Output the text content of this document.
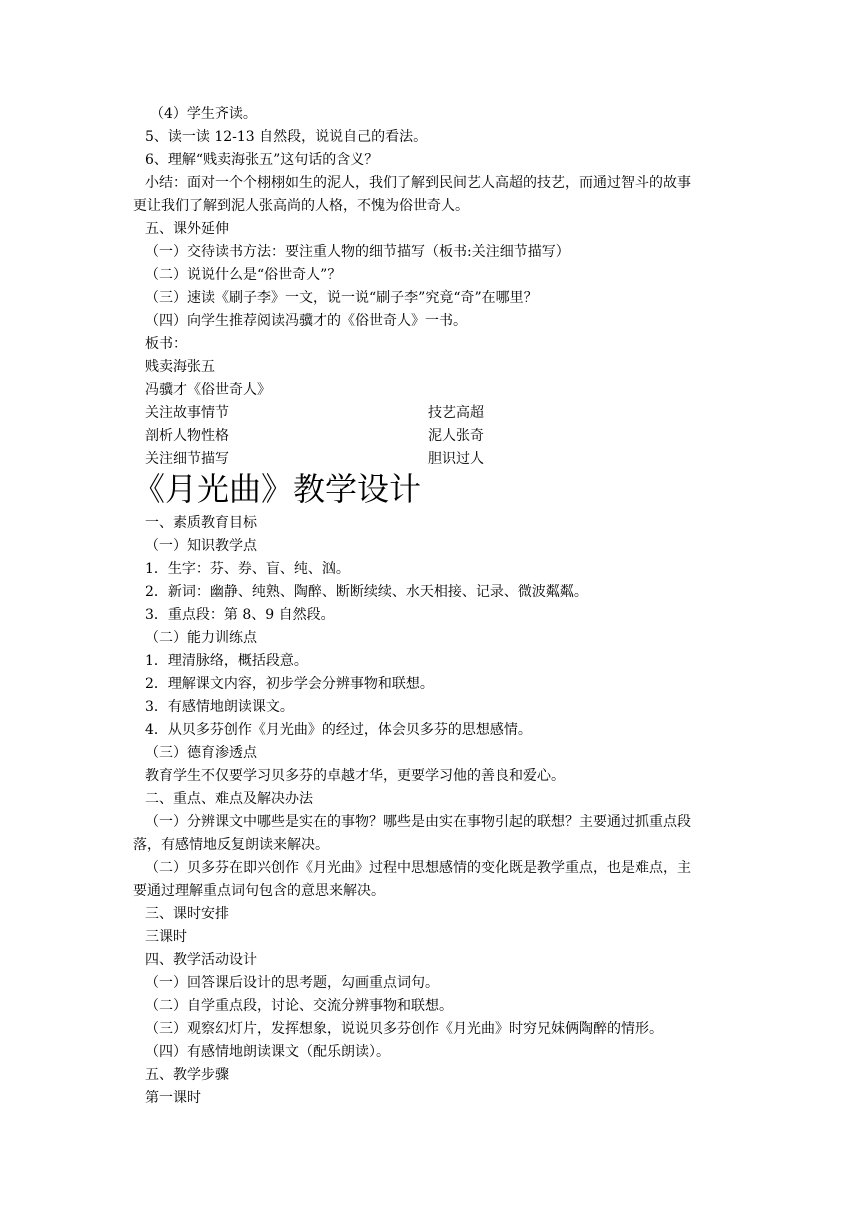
（4）学生齐读。
5、读一读 12-13 自然段，说说自己的看法。
6、理解“贱卖海张五”这句话的含义？
小结：面对一个个栩栩如生的泥人，我们了解到民间艺人高超的技艺，而通过智斗的故事
更让我们了解到泥人张高尚的人格，不愧为俗世奇人。
五、课外延伸
（一）交待读书方法：要注重人物的细节描写（板书:关注细节描写）
（二）说说什么是“俗世奇人”？
（三）速读《刷子李》一文，说一说“刷子李”究竟“奇”在哪里？
（四）向学生推荐阅读冯骥才的《俗世奇人》一书。
板书：
贱卖海张五
冯骥才《俗世奇人》
关注故事情节	技艺高超
剖析人物性格	泥人张奇
关注细节描写	胆识过人
《月光曲》教学设计
一、素质教育目标
（一）知识教学点
1．生字：芬、券、盲、纯、汹。
2．新词：幽静、纯熟、陶醉、断断续续、水天相接、记录、微波粼粼。
3．重点段：第 8、9 自然段。
（二）能力训练点
1．理清脉络，概括段意。
2．理解课文内容，初步学会分辨事物和联想。
3．有感情地朗读课文。
4．从贝多芬创作《月光曲》的经过，体会贝多芬的思想感情。
（三）德育渗透点
教育学生不仅要学习贝多芬的卓越才华，更要学习他的善良和爱心。
二、重点、难点及解决办法
（一）分辨课文中哪些是实在的事物？哪些是由实在事物引起的联想？主要通过抓重点段
落，有感情地反复朗读来解决。
（二）贝多芬在即兴创作《月光曲》过程中思想感情的变化既是教学重点，也是难点，主
要通过理解重点词句包含的意思来解决。
三、课时安排
三课时
四、教学活动设计
（一）回答课后设计的思考题，勾画重点词句。
（二）自学重点段，讨论、交流分辨事物和联想。
（三）观察幻灯片，发挥想象，说说贝多芬创作《月光曲》时穷兄妹俩陶醉的情形。
（四）有感情地朗读课文（配乐朗读）。
五、教学步骤
第一课时
